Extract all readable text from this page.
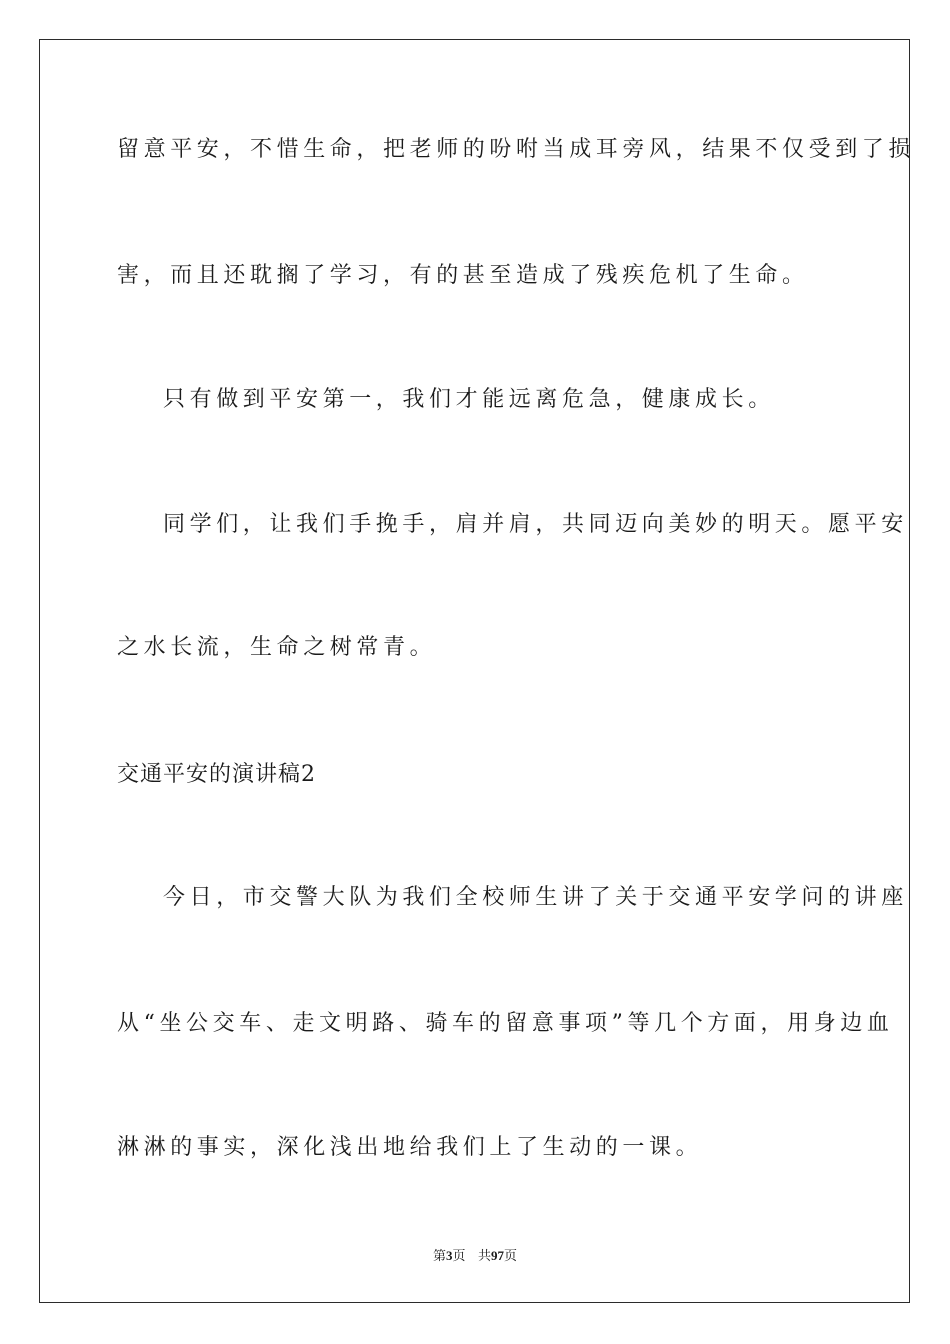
留意平安，不惜生命，把老师的吩咐当成耳旁风，结果不仅受到了损
害，而且还耽搁了学习，有的甚至造成了残疾危机了生命。
只有做到平安第一，我们才能远离危急，健康成长。
同学们，让我们手挽手，肩并肩，共同迈向美妙的明天。愿平安
之水长流，生命之树常青。
交通平安的演讲稿2
今日，市交警大队为我们全校师生讲了关于交通平安学问的讲座
从“坐公交车、走文明路、骑车的留意事项”等几个方面，用身边血
淋淋的事实，深化浅出地给我们上了生动的一课。
第3页 共97页
